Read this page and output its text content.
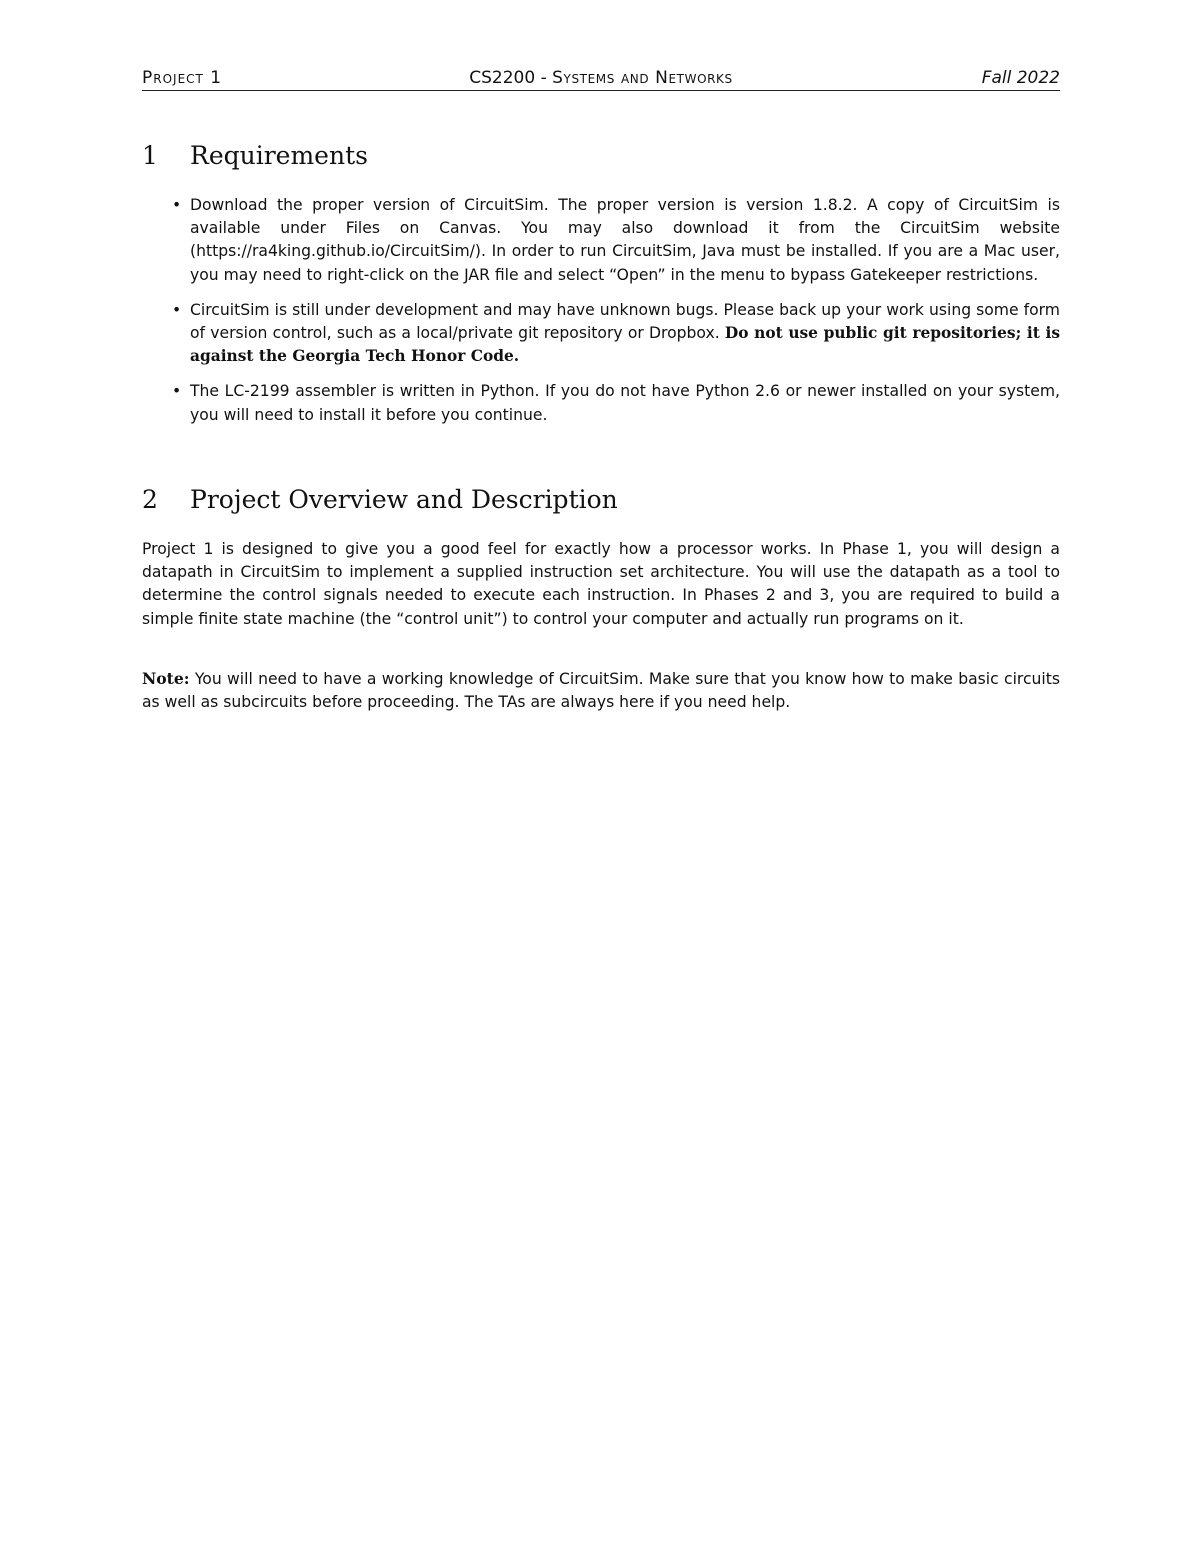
Project 1	CS2200 - Systems and Networks	Fall 2022
1 Requirements
• Download the proper version of CircuitSim. The proper version is version 1.8.2. A copy of CircuitSim is available under Files on Canvas. You may also download it from the CircuitSim website (https://ra4king.github.io/CircuitSim/). In order to run CircuitSim, Java must be installed. If you are a Mac user, you may need to right-click on the JAR file and select “Open” in the menu to bypass Gatekeeper restrictions.
• CircuitSim is still under development and may have unknown bugs. Please back up your work using some form of version control, such as a local/private git repository or Dropbox. Do not use public git repositories; it is against the Georgia Tech Honor Code.
• The LC-2199 assembler is written in Python. If you do not have Python 2.6 or newer installed on your system, you will need to install it before you continue.
2 Project Overview and Description

Project 1 is designed to give you a good feel for exactly how a processor works. In Phase 1, you will design a datapath in CircuitSim to implement a supplied instruction set architecture. You will use the datapath as a tool to determine the control signals needed to execute each instruction. In Phases 2 and 3, you are required to build a simple finite state machine (the “control unit”) to control your computer and actually run programs on it.

Note: You will need to have a working knowledge of CircuitSim. Make sure that you know how to make basic circuits as well as subcircuits before proceeding. The TAs are always here if you need help.
